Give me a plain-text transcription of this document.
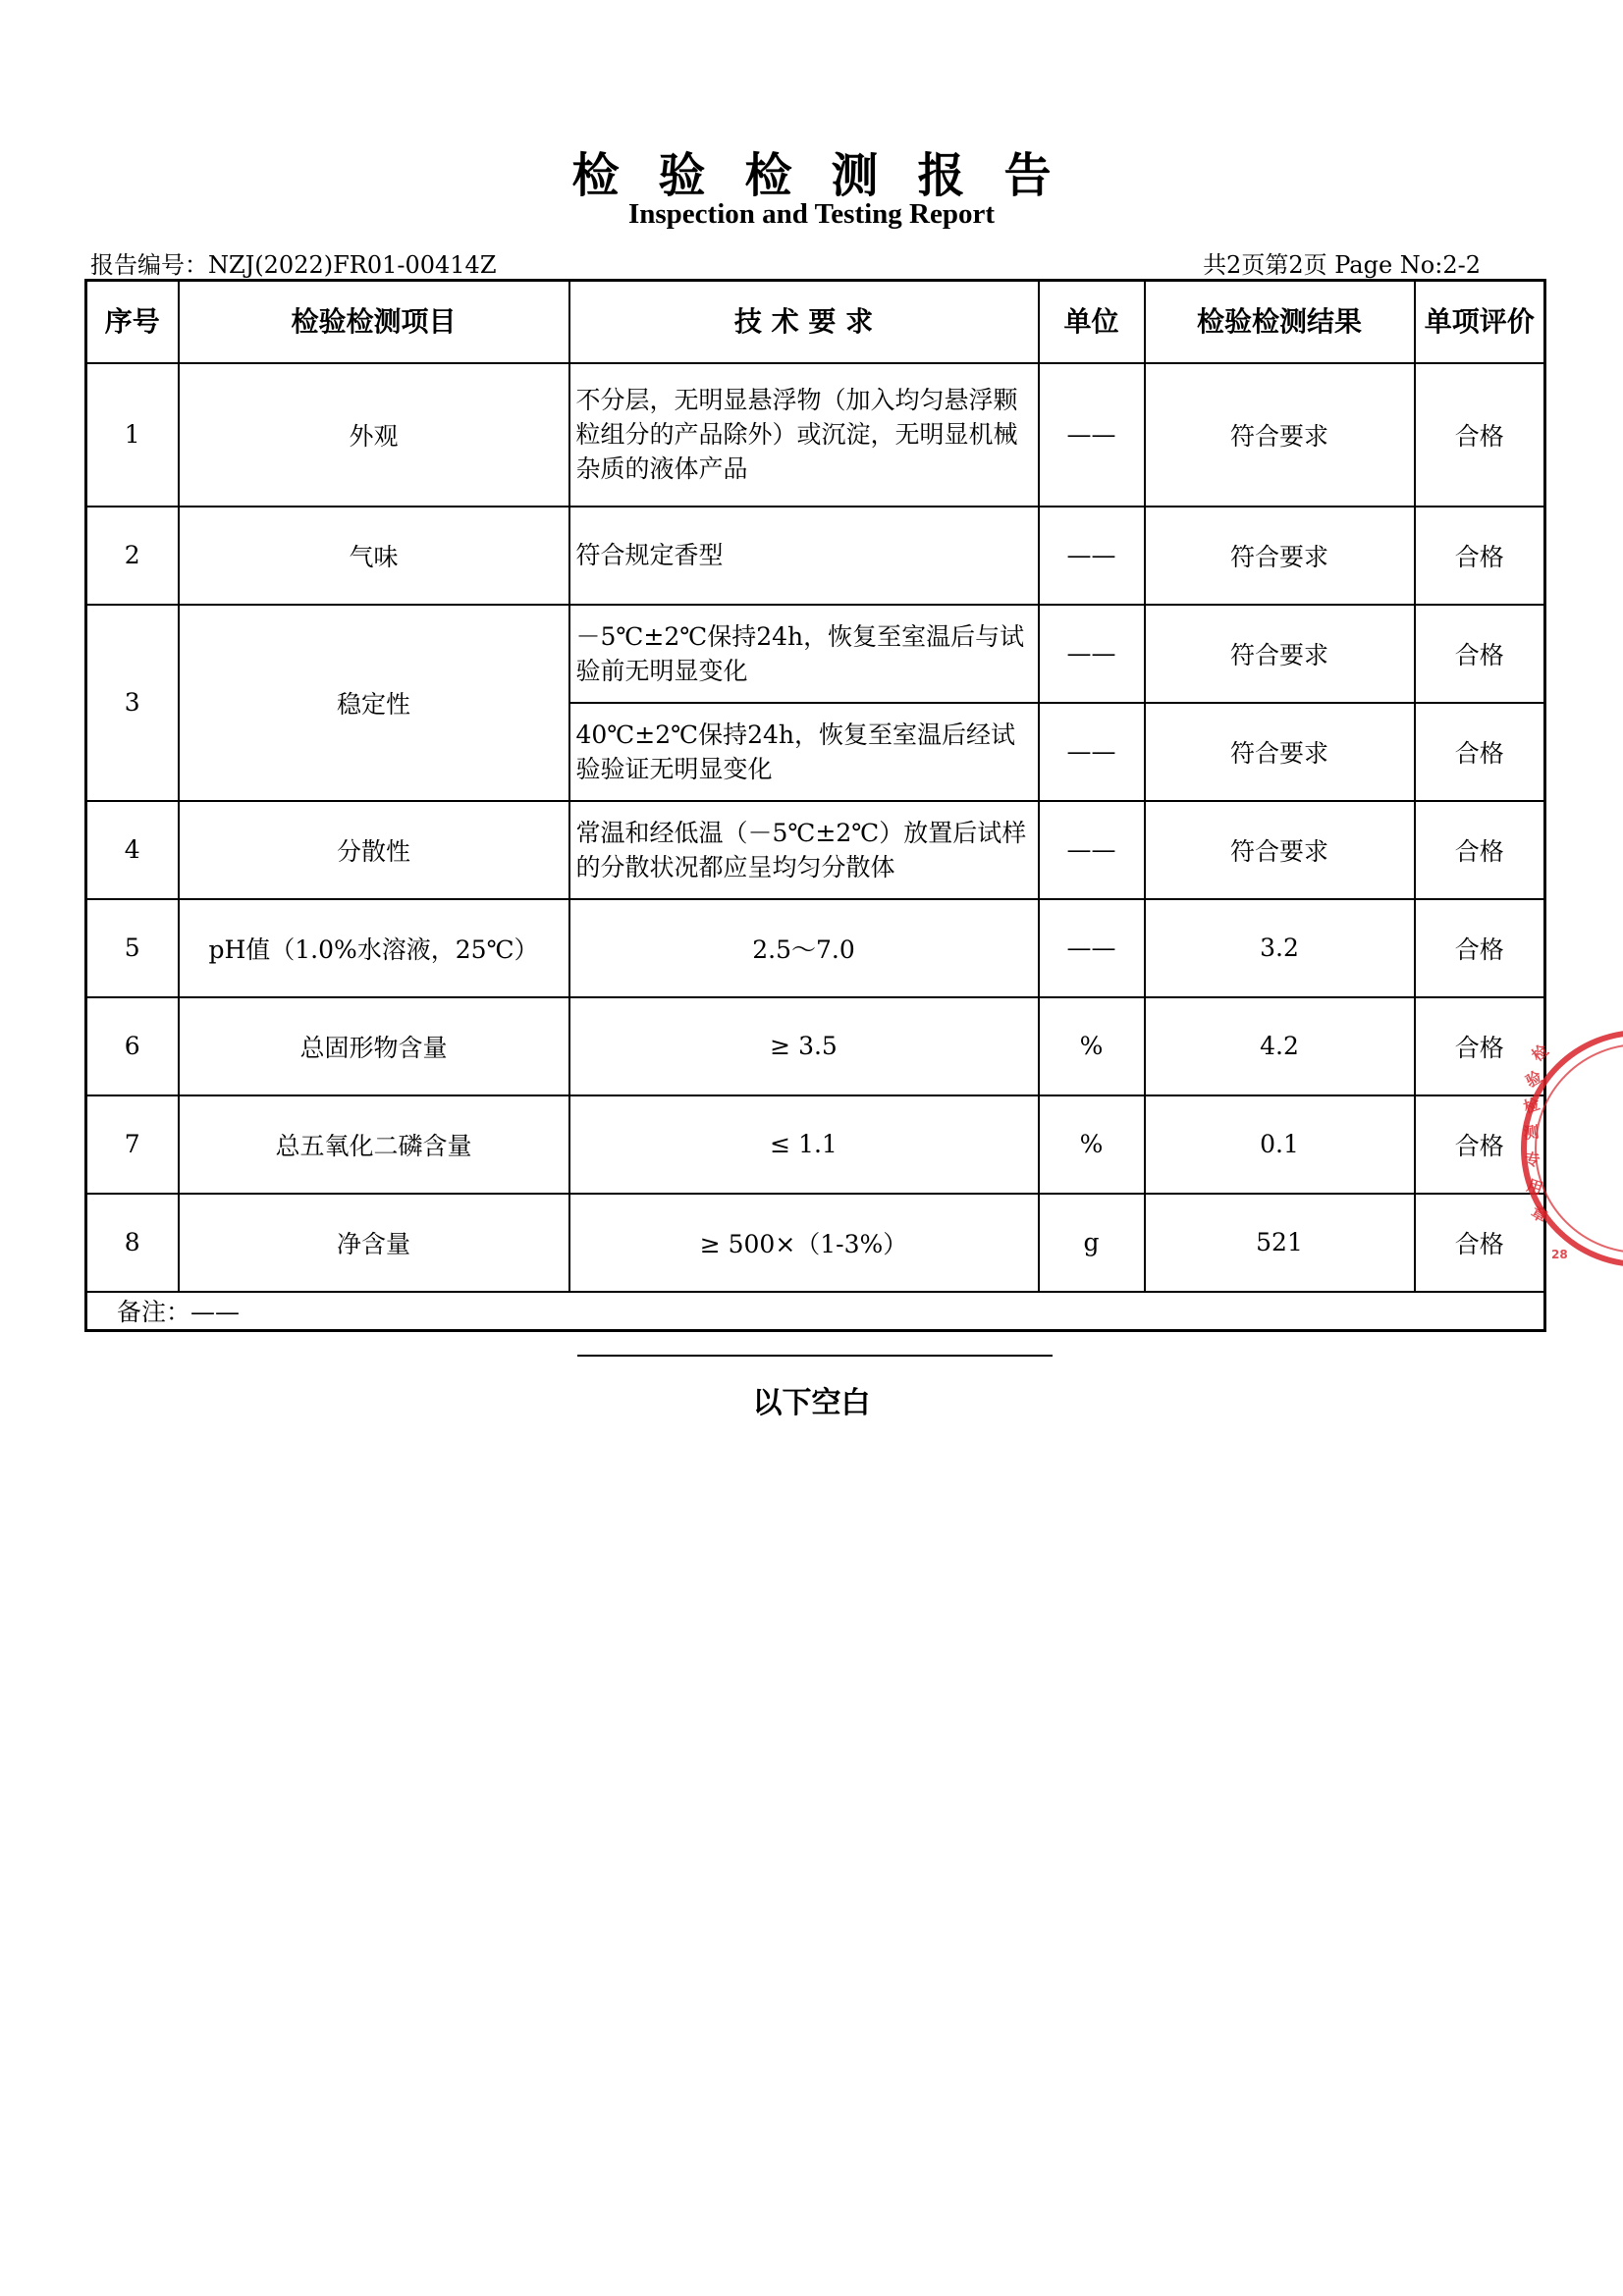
检验检测报告
Inspection and Testing Report
报告编号：NZJ(2022)FR01-00414Z	共2页第2页 Page No:2-2
序号	检验检测项目	技 术 要 求	单位	检验检测结果	单项评价
1	外观	不分层，无明显悬浮物（加入均匀悬浮颗粒组分的产品除外）或沉淀，无明显机械杂质的液体产品	——	符合要求	合格
2	气味	符合规定香型	——	符合要求	合格
3	稳定性	－5℃±2℃保持24h，恢复至室温后与试验前无明显变化	——	符合要求	合格
		40℃±2℃保持24h，恢复至室温后经试验验证无明显变化	——	符合要求	合格
4	分散性	常温和经低温（－5℃±2℃）放置后试样的分散状况都应呈均匀分散体	——	符合要求	合格
5	pH值（1.0%水溶液，25℃）	2.5～7.0	——	3.2	合格
6	总固形物含量	≥ 3.5	%	4.2	合格
7	总五氧化二磷含量	≤ 1.1	%	0.1	合格
8	净含量	≥ 500×（1-3%）	g	521	合格
备注：——					
检
验
检
测
专
用
章
28
以下空白
